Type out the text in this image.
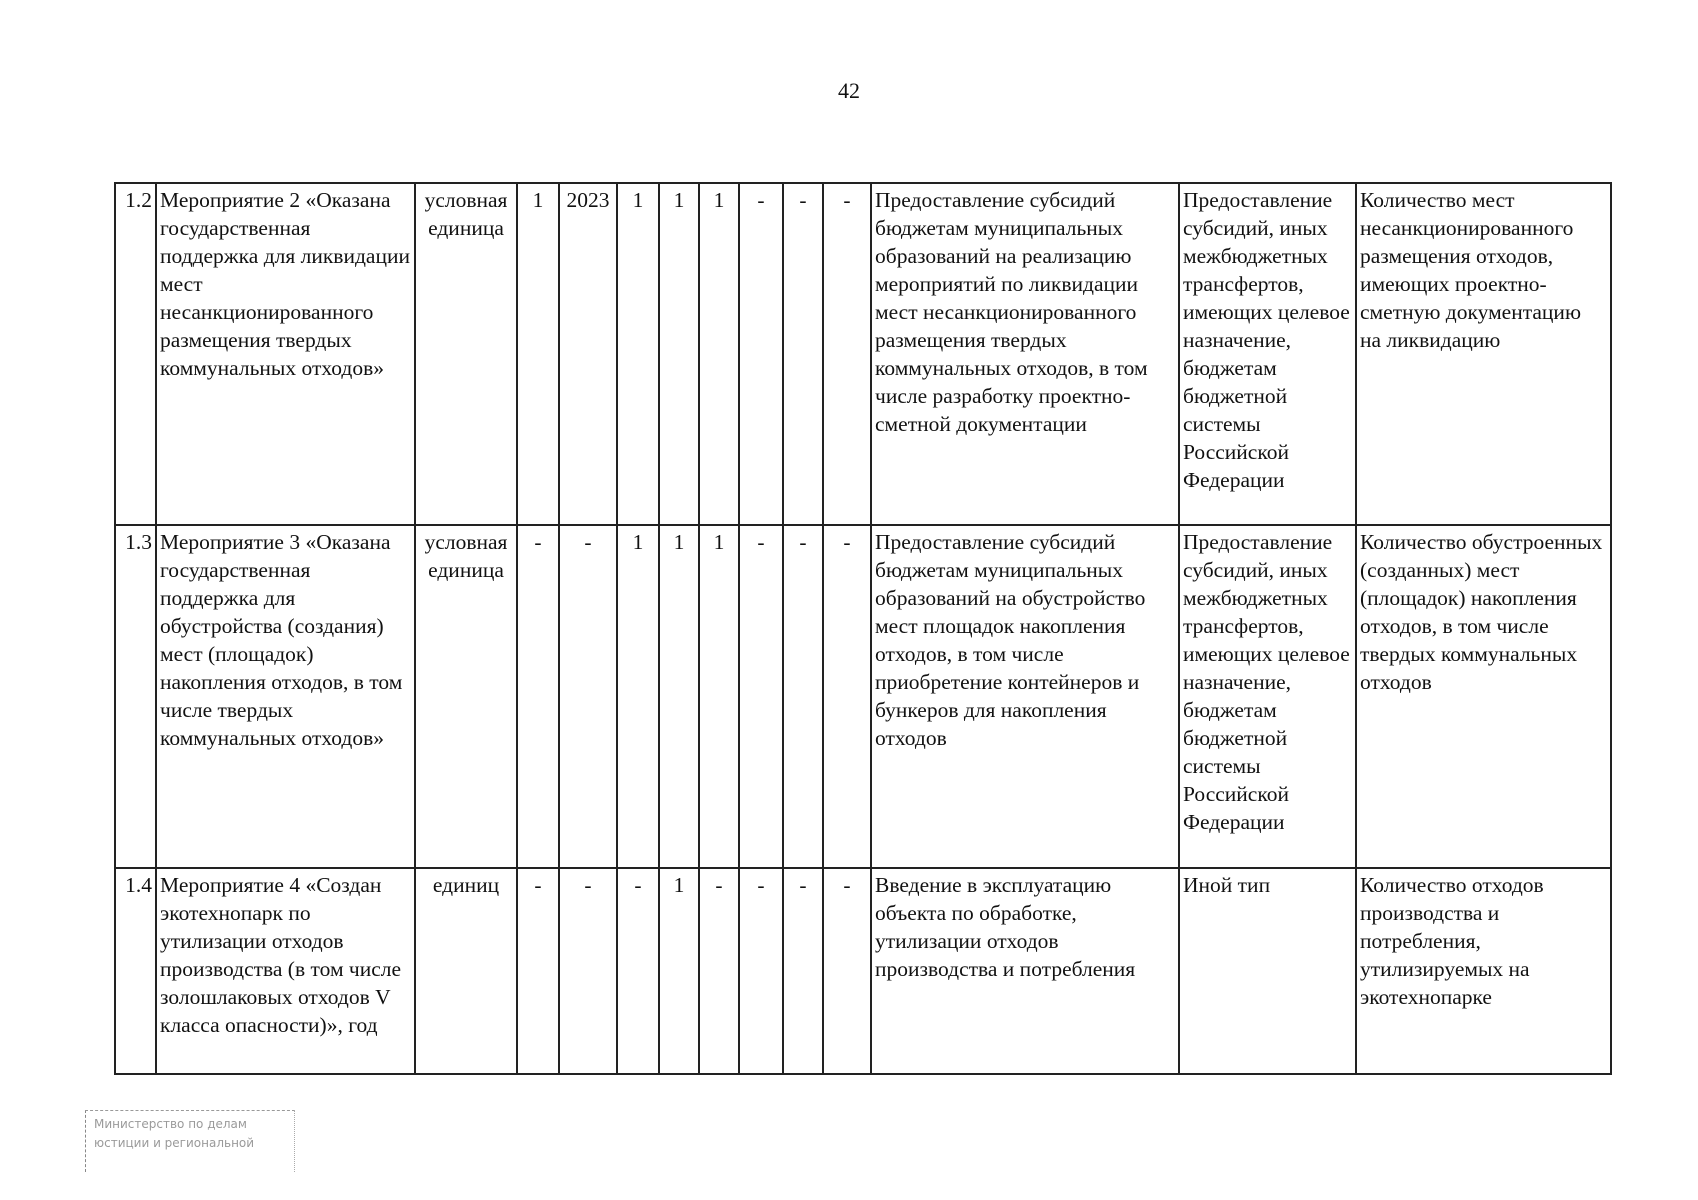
42
1.2	Мероприятие 2 «Оказана государственная поддержка для ликвидации мест несанкционированного размещения твердых коммунальных отходов»	условная единица	1	2023	1	1	1	-	-	-	Предоставление субсидий бюджетам муниципальных образований на реализацию мероприятий по ликвидации мест несанкционированного размещения твердых коммунальных отходов, в том числе разработку проектно-сметной документации	Предоставление субсидий, иных межбюджетных трансфертов, имеющих целевое назначение, бюджетам бюджетной системы Российской Федерации	Количество мест несанкционированного размещения отходов, имеющих проектно-сметную документацию на ликвидацию
1.3	Мероприятие 3 «Оказана государственная поддержка для обустройства (создания) мест (площадок) накопления отходов, в том числе твердых коммунальных отходов»	условная единица	-	-	1	1	1	-	-	-	Предоставление субсидий бюджетам муниципальных образований на обустройство мест площадок накопления отходов, в том числе приобретение контейнеров и бункеров для накопления отходов	Предоставление субсидий, иных межбюджетных трансфертов, имеющих целевое назначение, бюджетам бюджетной системы Российской Федерации	Количество обустроенных (созданных) мест (площадок) накопления отходов, в том числе твердых коммунальных отходов
1.4	Мероприятие 4 «Создан экотехнопарк по утилизации отходов производства (в том числе золошлаковых отходов V класса опасности)», год	единиц	-	-	-	1	-	-	-	-	Введение в эксплуатацию объекта по обработке, утилизации отходов производства и потребления	Иной тип	Количество отходов производства и потребления, утилизируемых на экотехнопарке
Министерство по делам
юстиции и региональной
